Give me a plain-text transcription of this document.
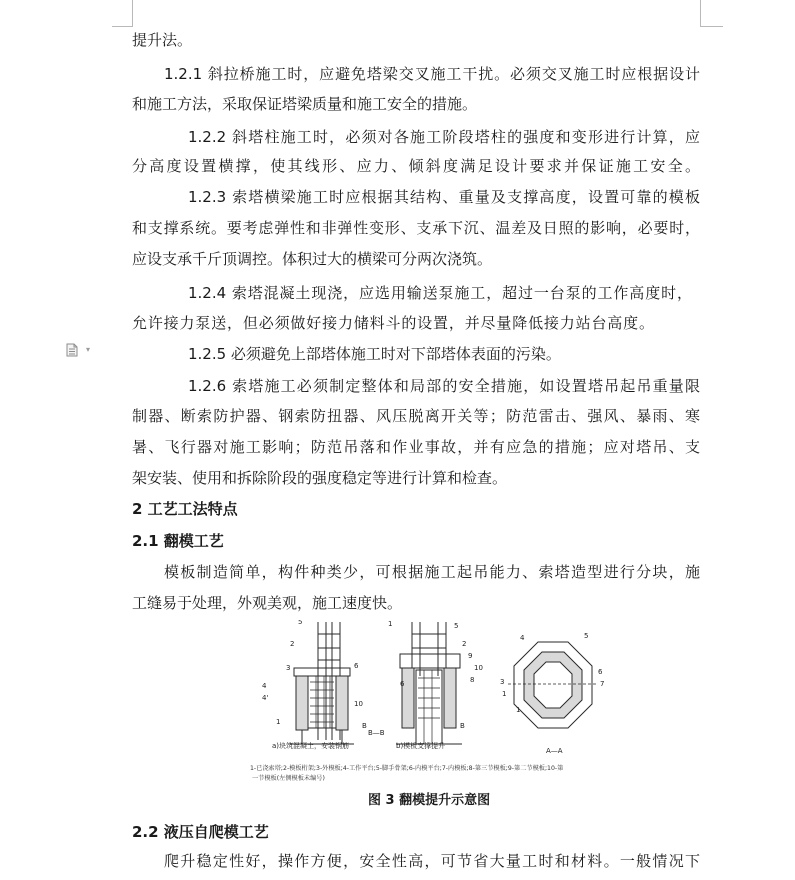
▾
提升法。
1.2.1 斜拉桥施工时，应避免塔梁交叉施工干扰。必须交叉施工时应根据设计
和施工方法，采取保证塔梁质量和施工安全的措施。
1.2.2 斜塔柱施工时，必须对各施工阶段塔柱的强度和变形进行计算，应
分高度设置横撑，使其线形、应力、倾斜度满足设计要求并保证施工安全。
1.2.3 索塔横梁施工时应根据其结构、重量及支撑高度，设置可靠的模板
和支撑系统。要考虑弹性和非弹性变形、支承下沉、温差及日照的影响，必要时，
应设支承千斤顶调控。体积过大的横梁可分两次浇筑。
1.2.4 索塔混凝土现浇，应选用输送泵施工，超过一台泵的工作高度时，
允许接力泵送，但必须做好接力储料斗的设置，并尽量降低接力站台高度。
1.2.5 必须避免上部塔体施工时对下部塔体表面的污染。
1.2.6 索塔施工必须制定整体和局部的安全措施，如设置塔吊起吊重量限
制器、断索防护器、钢索防扭器、风压脱离开关等；防范雷击、强风、暴雨、寒
暑、飞行器对施工影响；防范吊落和作业事故，并有应急的措施；应对塔吊、支
架安装、使用和拆除阶段的强度稳定等进行计算和检查。
2 工艺工法特点
2.1 翻模工艺
模板制造简单，构件种类少，可根据施工起吊能力、索塔造型进行分块，施
工缝易于处理，外观美观，施工速度快。
2.2 液压自爬模工艺
爬升稳定性好，操作方便，安全性高，可节省大量工时和材料。一般情况下
5
2
3	6
4
4'
1
10
B
1	5
2
9
10
8
6
B
4	5
3
1
6
7
1
a)块筑混凝土，安装钢筋	b)模板支撑提升
B—B
A—A
1-已浇索塔;2-模板桁架;3-外模板;4-工作平台;5-脚手骨架;6-内模平台;7-内模板;8-第三节模板;9-第二节模板;10-第
一节模板(左侧模板未编号)
图 3 翻模提升示意图
